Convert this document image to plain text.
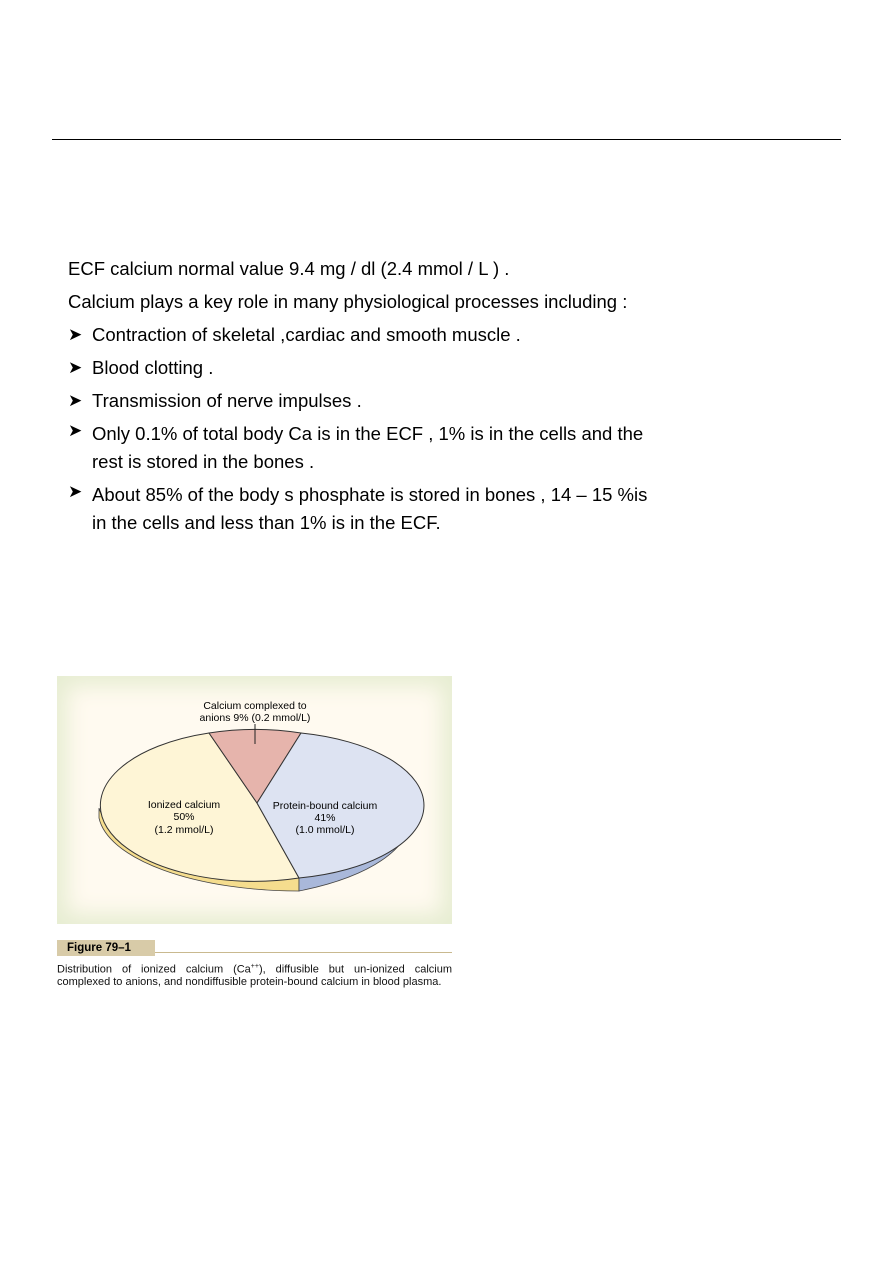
ECF calcium normal value 9.4 mg / dl (2.4 mmol / L ) .

Calcium plays a key role in many physiological processes including :

➤ Contraction of skeletal ,cardiac and smooth muscle .
➤ Blood clotting .
➤ Transmission of nerve impulses .
➤ Only 0.1% of total body Ca is in the ECF , 1% is in the cells and the
rest is stored in the bones .
➤ About 85% of the body s phosphate is stored in bones , 14 – 15 %is
in the cells and less than 1% is in the ECF.
Calcium complexed to
anions 9% (0.2 mmol/L)
Ionized calcium
50%
(1.2 mmol/L)
Protein-bound calcium
41%
(1.0 mmol/L)
Figure 79–1
Distribution of ionized calcium (Ca++), diffusible but un-ionized calcium complexed to anions, and nondiffusible protein-bound calcium in blood plasma.
